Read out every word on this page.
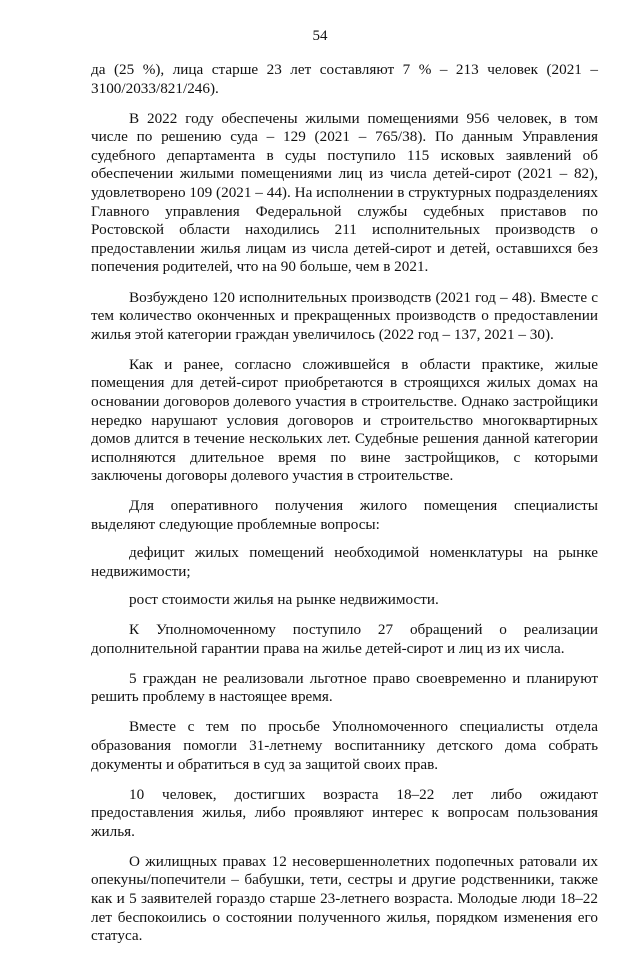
54

да (25 %), лица старше 23 лет составляют 7 % – 213 человек (2021 – 3100/2033/821/246).

В 2022 году обеспечены жилыми помещениями 956 человек, в том числе по решению суда – 129 (2021 – 765/38). По данным Управления судебного департамента в суды поступило 115 исковых заявлений об обеспечении жилыми помещениями лиц из числа детей-сирот (2021 – 82), удовлетворено 109 (2021 – 44). На исполнении в структурных подразделениях Главного управления Федеральной службы судебных приставов по Ростовской области находились 211 исполнительных производств о предоставлении жилья лицам из числа детей-сирот и детей, оставшихся без попечения родителей, что на 90 больше, чем в 2021.

Возбуждено 120 исполнительных производств (2021 год – 48). Вместе с тем количество оконченных и прекращенных производств о предоставлении жилья этой категории граждан увеличилось (2022 год – 137, 2021 – 30).

Как и ранее, согласно сложившейся в области практике, жилые помещения для детей-сирот приобретаются в строящихся жилых домах на основании договоров долевого участия в строительстве. Однако застройщики нередко нарушают условия договоров и строительство многоквартирных домов длится в течение нескольких лет. Судебные решения данной категории исполняются длительное время по вине застройщиков, с которыми заключены договоры долевого участия в строительстве.

Для оперативного получения жилого помещения специалисты выделяют следующие проблемные вопросы:

дефицит жилых помещений необходимой номенклатуры на рынке недвижимости;

рост стоимости жилья на рынке недвижимости.

К Уполномоченному поступило 27 обращений о реализации дополнительной гарантии права на жилье детей-сирот и лиц из их числа.

5 граждан не реализовали льготное право своевременно и планируют решить проблему в настоящее время.

Вместе с тем по просьбе Уполномоченного специалисты отдела образования помогли 31-летнему воспитаннику детского дома собрать документы и обратиться в суд за защитой своих прав.

10 человек, достигших возраста 18–22 лет либо ожидают предоставления жилья, либо проявляют интерес к вопросам пользования жилья.

О жилищных правах 12 несовершеннолетних подопечных ратовали их опекуны/попечители – бабушки, тети, сестры и другие родственники, также как и 5 заявителей гораздо старше 23-летнего возраста. Молодые люди 18–22 лет беспокоились о состоянии полученного жилья, порядком изменения его статуса.
